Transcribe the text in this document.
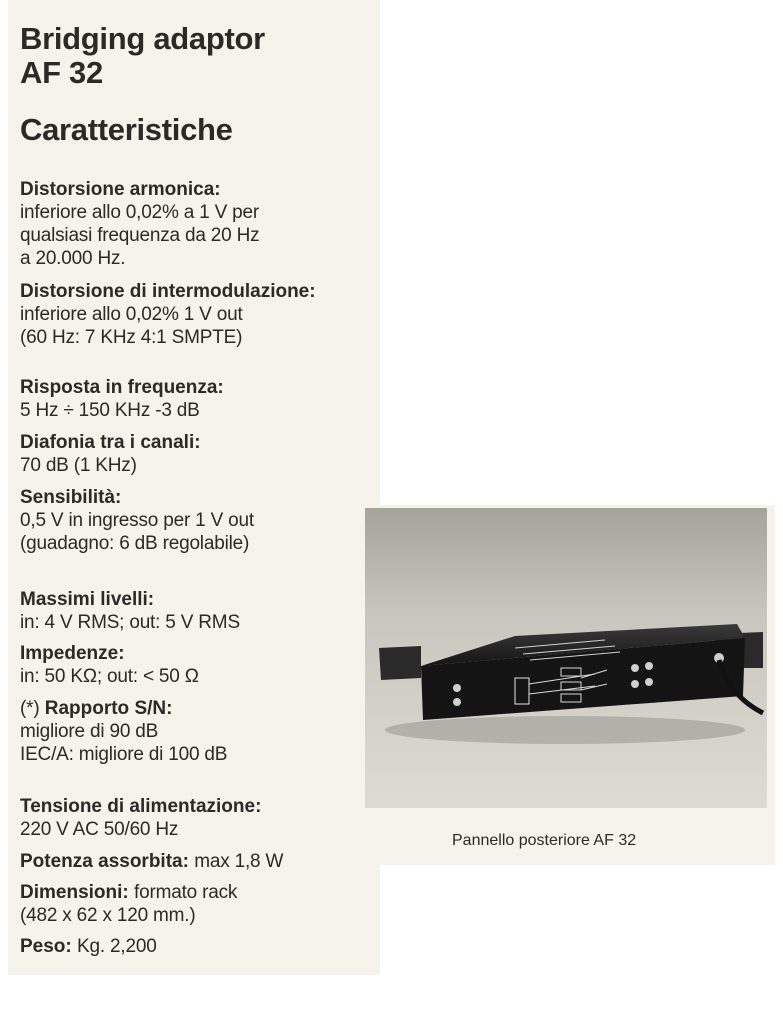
Bridging adaptor
AF 32
Caratteristiche
Distorsione armonica:
inferiore allo 0,02% a 1 V per
qualsiasi frequenza da 20 Hz
a 20.000 Hz.
Distorsione di intermodulazione:
inferiore allo 0,02% 1 V out
(60 Hz: 7 KHz 4:1 SMPTE)
Risposta in frequenza:
5 Hz ÷ 150 KHz -3 dB
Diafonia tra i canali:
70 dB (1 KHz)
Sensibilità:
0,5 V in ingresso per 1 V out
(guadagno: 6 dB regolabile)
Massimi livelli:
in: 4 V RMS; out: 5 V RMS
Impedenze:
in: 50 KΩ; out: < 50 Ω
(*) Rapporto S/N:
migliore di 90 dB
IEC/A: migliore di 100 dB
Tensione di alimentazione:
220 V AC 50/60 Hz
Potenza assorbita: max 1,8 W
Dimensioni: formato rack
(482 x 62 x 120 mm.)
Peso: Kg. 2,200

Pannello posteriore AF 32
